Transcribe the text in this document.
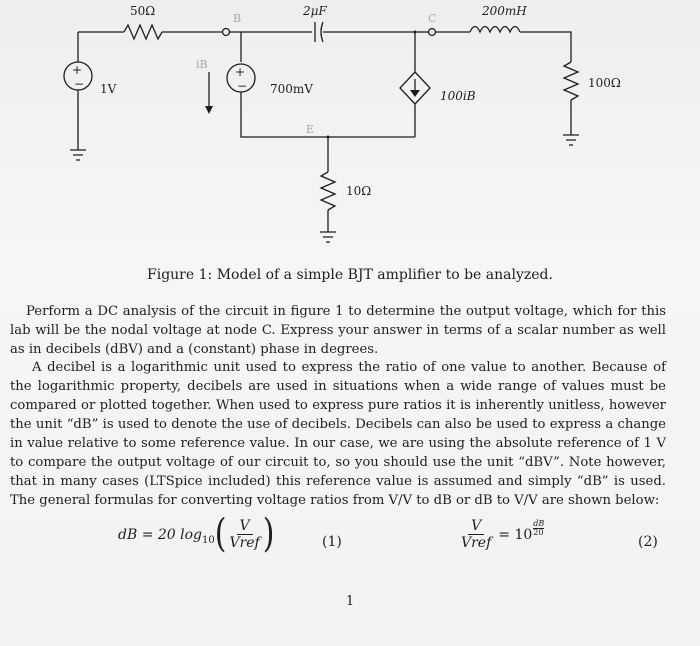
+
−
+
−
50Ω
B
2μF
C
200mH
1V
iB
700mV	100iB
100Ω
E
10Ω
Figure 1: Model of a simple BJT amplifier to be analyzed.
Perform a DC analysis of the circuit in figure 1 to determine the output voltage, which for this lab will be the nodal voltage at node C. Express your answer in terms of a scalar number as well as in decibels (dBV) and a (constant) phase in degrees.
A decibel is a logarithmic unit used to express the ratio of one value to another. Because of the logarithmic property, decibels are used in situations when a wide range of values must be compared or plotted together. When used to express pure ratios it is inherently unitless, however the unit “dB” is used to denote the use of decibels. Decibels can also be used to express a change in value relative to some reference value. In our case, we are using the absolute reference of 1 V to compare the output voltage of our circuit to, so you should use the unit “dBV”. Note however, that in many cases (LTSpice included) this reference value is assumed and simply “dB” is used. The general formulas for converting voltage ratios from V/V to dB or dB to V/V are shown below:
dB = 20 $\log_{10}$ ( $\frac{V}{\text{Vref}}$ )	(1)	$\frac{V}{\text{Vref}} = 10 \frac{dB}{20}$
(2)
1
